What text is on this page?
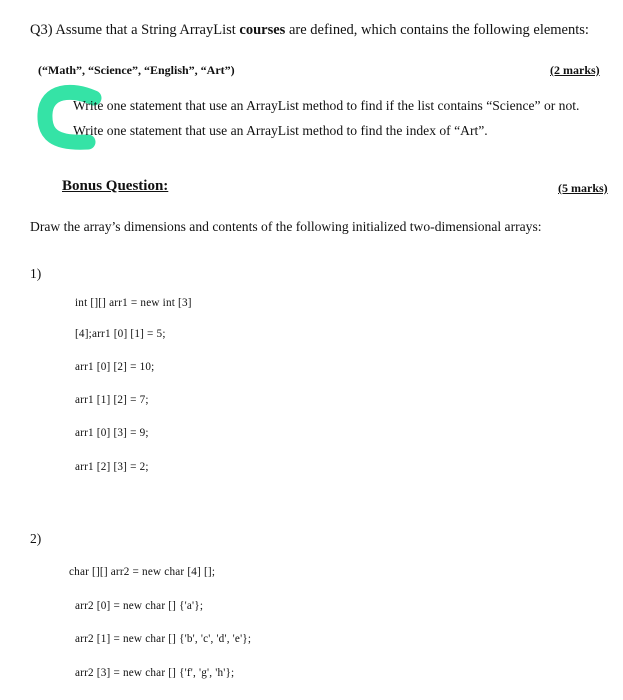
Q3) Assume that a String ArrayList courses are defined, which contains the following elements:
(“Math”, “Science”, “English”, “Art”)	(2 marks)
Write one statement that use an ArrayList method to find if the list contains “Science” or not.
Write one statement that use an ArrayList method to find the index of “Art”.
Bonus Question:	(5 marks)
Draw the array’s dimensions and contents of the following initialized two-dimensional arrays:
1)
int [][] arr1 = new int [3]
[4];arr1 [0] [1] = 5;
arr1 [0] [2] = 10;
arr1 [1] [2] = 7;
arr1 [0] [3] = 9;
arr1 [2] [3] = 2;
2)
char [][] arr2 = new char [4] [];
arr2 [0] = new char [] {'a'};
arr2 [1] = new char [] {'b', 'c', 'd', 'e'};
arr2 [3] = new char [] {'f', 'g', 'h'};
